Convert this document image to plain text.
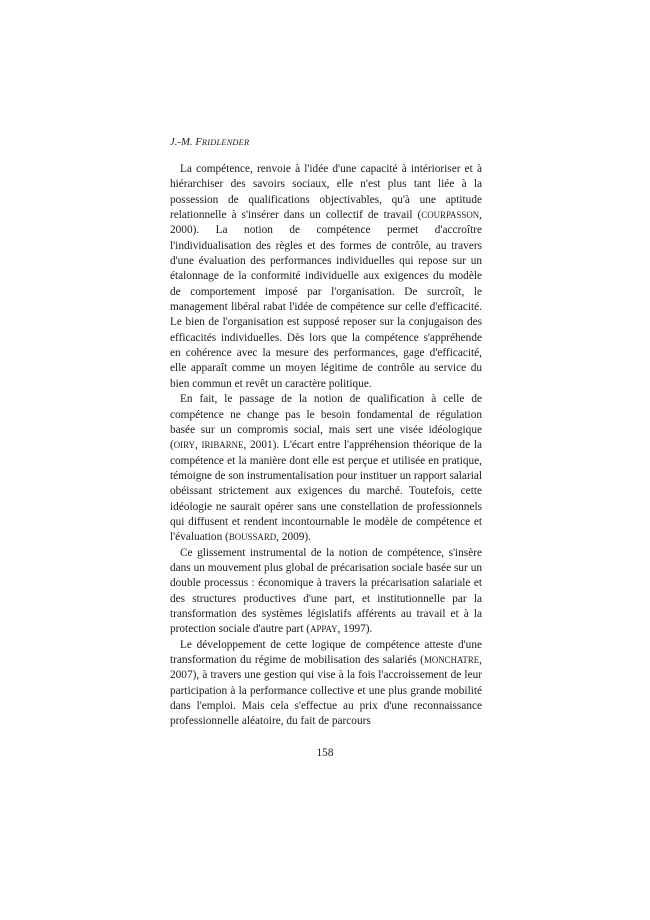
J.-M. FRIDLENDER

La compétence, renvoie à l'idée d'une capacité à intérioriser et à hiérarchiser des savoirs sociaux, elle n'est plus tant liée à la possession de qualifications objectivables, qu'à une aptitude relationnelle à s'insérer dans un collectif de travail (COURPASSON, 2000). La notion de compétence permet d'accroître l'individualisation des règles et des formes de contrôle, au travers d'une évaluation des performances individuelles qui repose sur un étalonnage de la conformité individuelle aux exigences du modèle de comportement imposé par l'organisation. De surcroît, le management libéral rabat l'idée de compétence sur celle d'efficacité. Le bien de l'organisation est supposé reposer sur la conjugaison des efficacités individuelles. Dès lors que la compétence s'appréhende en cohérence avec la mesure des performances, gage d'efficacité, elle apparaît comme un moyen légitime de contrôle au service du bien commun et revêt un caractère politique.

En fait, le passage de la notion de qualification à celle de compétence ne change pas le besoin fondamental de régulation basée sur un compromis social, mais sert une visée idéologique (OIRY, IRIBARNE, 2001). L'écart entre l'appréhension théorique de la compétence et la manière dont elle est perçue et utilisée en pratique, témoigne de son instrumentalisation pour instituer un rapport salarial obéissant strictement aux exigences du marché. Toutefois, cette idéologie ne saurait opérer sans une constellation de professionnels qui diffusent et rendent incontournable le modèle de compétence et l'évaluation (BOUSSARD, 2009).

Ce glissement instrumental de la notion de compétence, s'insère dans un mouvement plus global de précarisation sociale basée sur un double processus : économique à travers la précarisation salariale et des structures productives d'une part, et institutionnelle par la transformation des systèmes législatifs afférents au travail et à la protection sociale d'autre part (APPAY, 1997).

Le développement de cette logique de compétence atteste d'une transformation du régime de mobilisation des salariés (MONCHATRE, 2007), à travers une gestion qui vise à la fois l'accroissement de leur participation à la performance collective et une plus grande mobilité dans l'emploi. Mais cela s'effectue au prix d'une reconnaissance professionnelle aléatoire, du fait de parcours

158
